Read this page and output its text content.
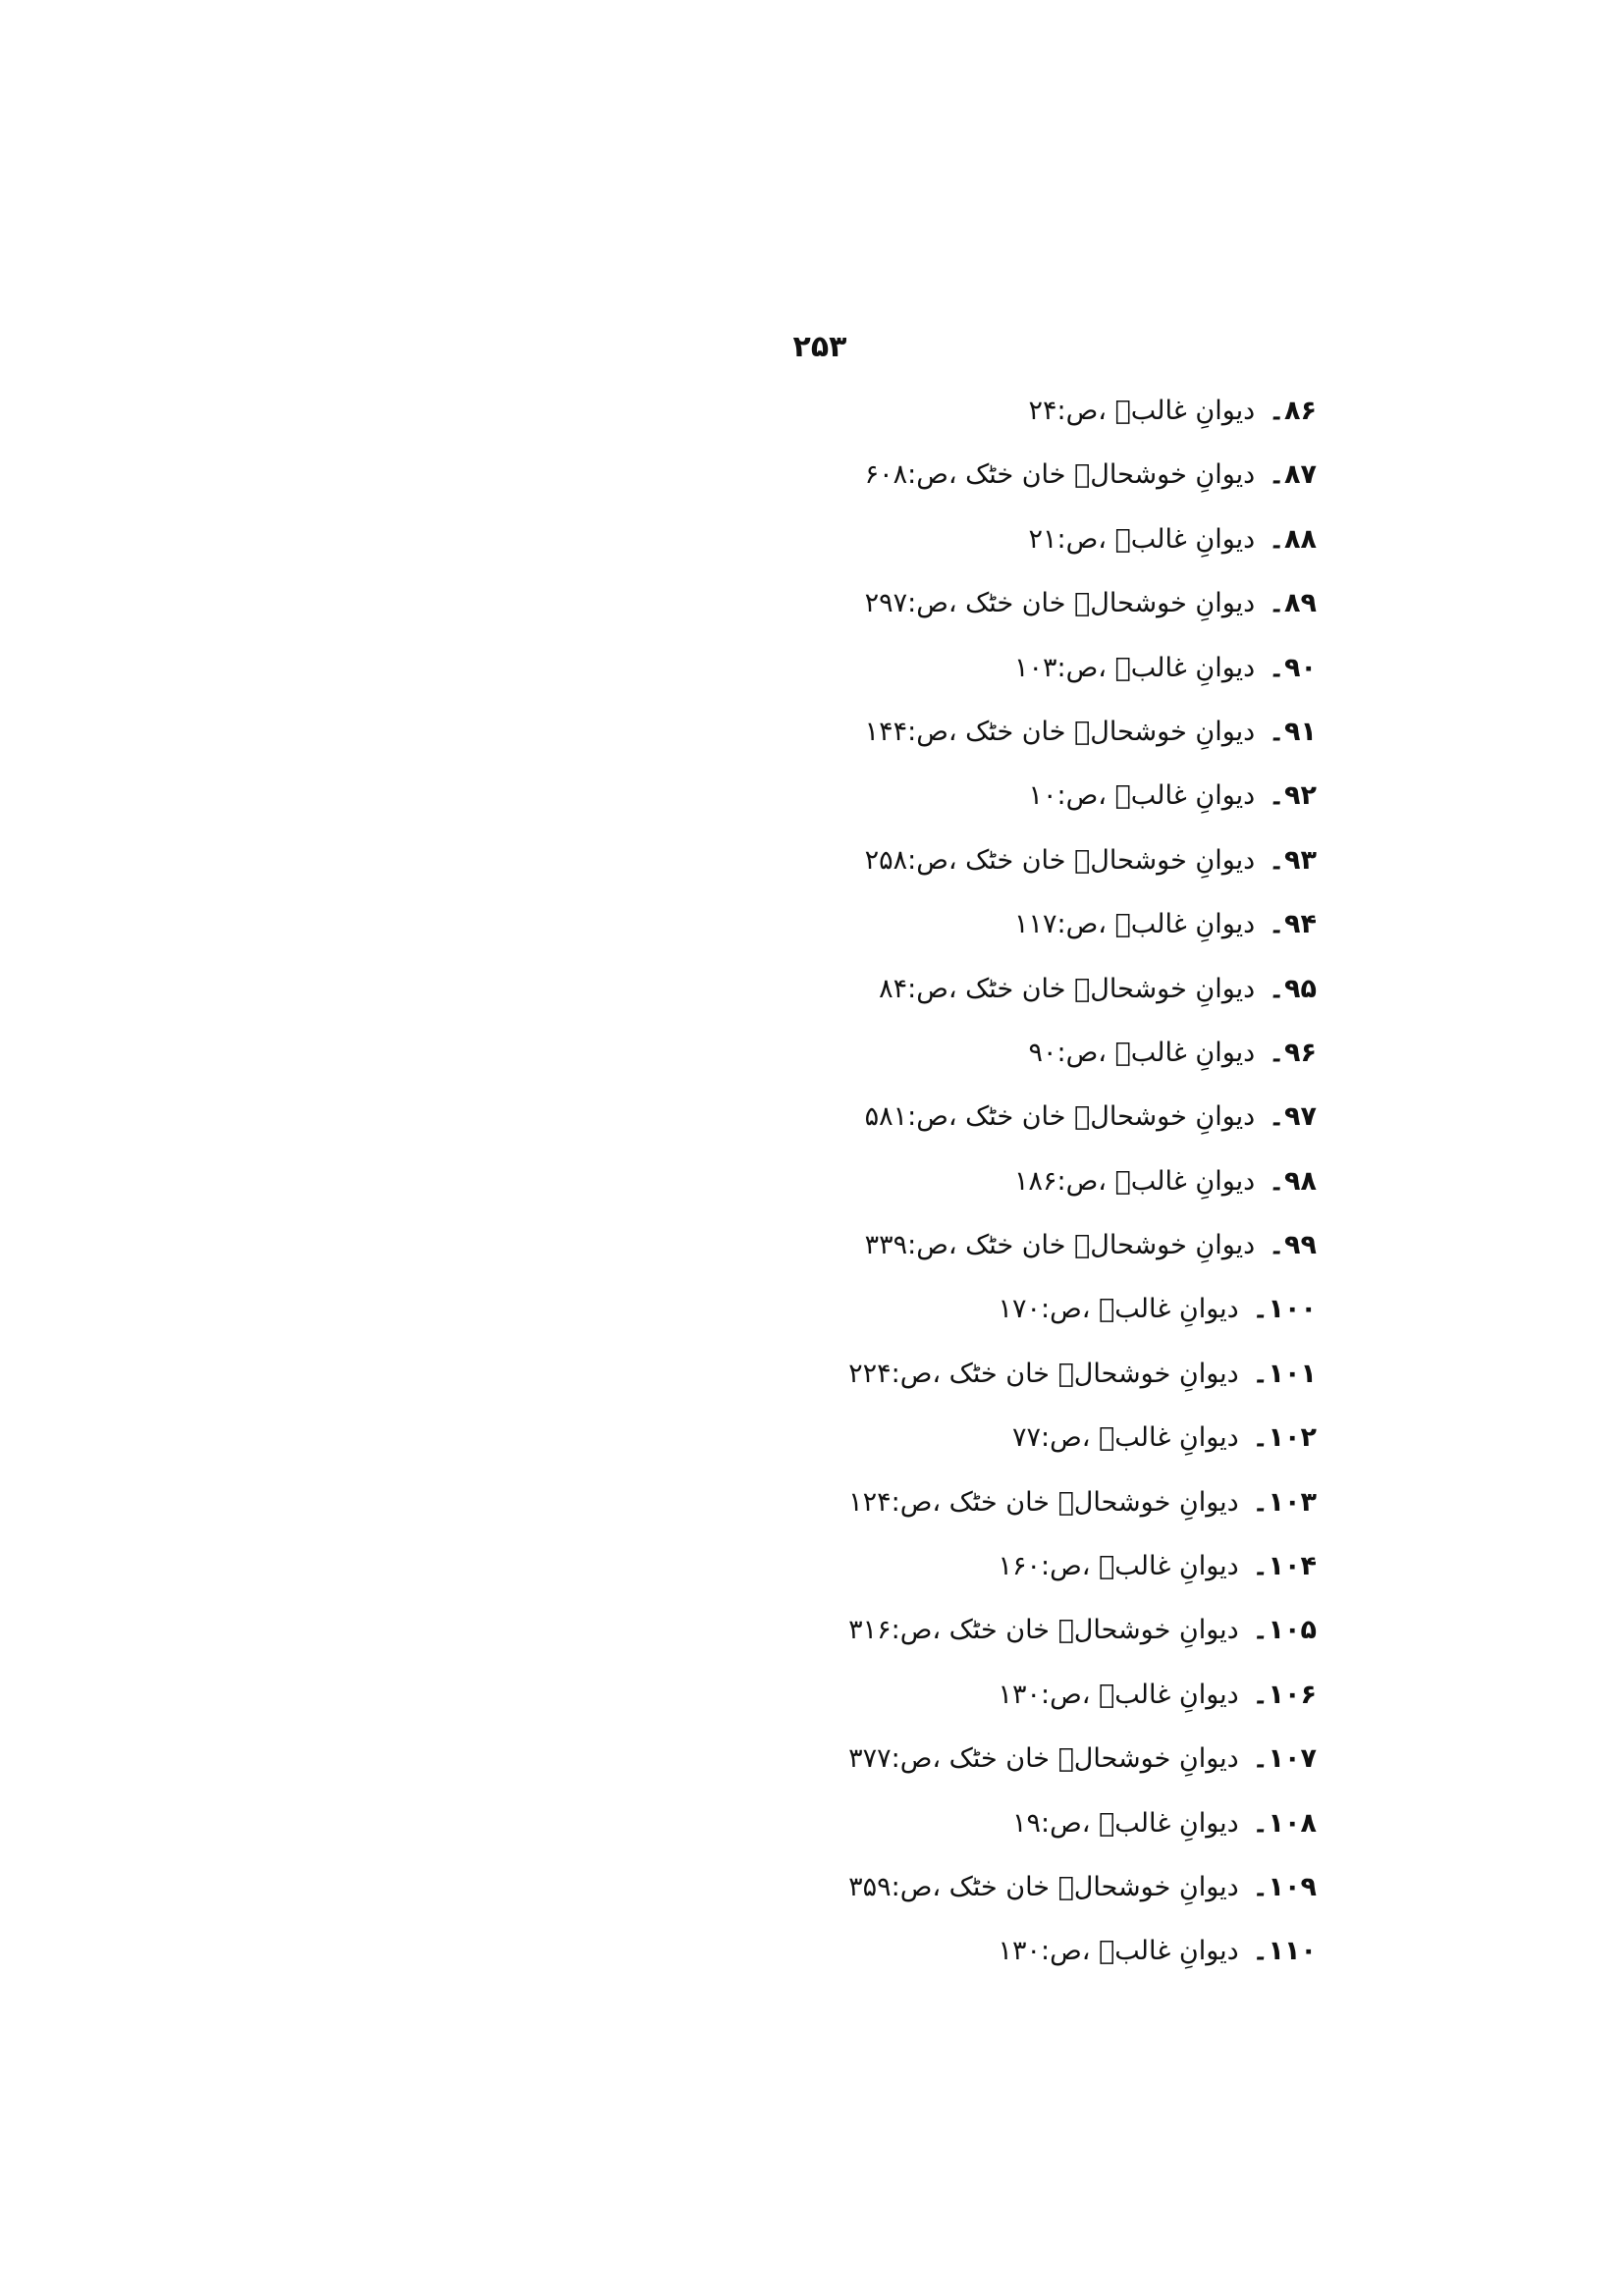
۲۵۳
۸۶۔دیوانِ غالبؔ ،ص:۲۴
۸۷۔دیوانِ خوشحالؔ خان خٹک ،ص:۶۰۸
۸۸۔دیوانِ غالبؔ ،ص:۲۱
۸۹۔دیوانِ خوشحالؔ خان خٹک ،ص:۲۹۷
۹۰۔دیوانِ غالبؔ ،ص:۱۰۳
۹۱۔دیوانِ خوشحالؔ خان خٹک ،ص:۱۴۴
۹۲۔دیوانِ غالبؔ ،ص:۱۰
۹۳۔دیوانِ خوشحالؔ خان خٹک ،ص:۲۵۸
۹۴۔دیوانِ غالبؔ ،ص:۱۱۷
۹۵۔دیوانِ خوشحالؔ خان خٹک ،ص:۸۴
۹۶۔دیوانِ غالبؔ ،ص:۹۰
۹۷۔دیوانِ خوشحالؔ خان خٹک ،ص:۵۸۱
۹۸۔دیوانِ غالبؔ ،ص:۱۸۶
۹۹۔دیوانِ خوشحالؔ خان خٹک ،ص:۳۳۹
۱۰۰۔دیوانِ غالبؔ ،ص:۱۷۰
۱۰۱۔دیوانِ خوشحالؔ خان خٹک ،ص:۲۲۴
۱۰۲۔دیوانِ غالبؔ ،ص:۷۷
۱۰۳۔دیوانِ خوشحالؔ خان خٹک ،ص:۱۲۴
۱۰۴۔دیوانِ غالبؔ ،ص:۱۶۰
۱۰۵۔دیوانِ خوشحالؔ خان خٹک ،ص:۳۱۶
۱۰۶۔دیوانِ غالبؔ ،ص:۱۳۰
۱۰۷۔دیوانِ خوشحالؔ خان خٹک ،ص:۳۷۷
۱۰۸۔دیوانِ غالبؔ ،ص:۱۹
۱۰۹۔دیوانِ خوشحالؔ خان خٹک ،ص:۳۵۹
۱۱۰۔دیوانِ غالبؔ ،ص:۱۳۰
